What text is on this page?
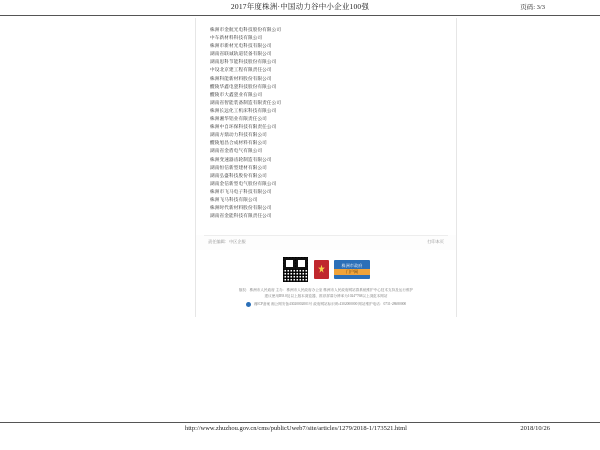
2017年度株洲·中国动力谷中小企业100强	页码: 3/3
株洲市金航光电科技股份有限公司
中车新材料科技有限公司
株洲市新材光电科技有限公司
湖南省联诚轨道装备有限公司
湖南思科节能科技股份有限公司
中设北京建工程有限责任公司
株洲科能新材料股份有限公司
醴陵华鑫电瓷科技股份有限公司
醴陵市大鑫瓷业有限公司
湖南省智能装备制造有限责任公司
株洲长远化工机床科技有限公司
株洲湘华铝业有限责任公司
株洲中自环保科技有限责任公司
湖南方鼎动力科技有限公司
醴陵旭昌合成材料有限公司
湖南省金盾电气有限公司
株洲变速器齿轮制造有限公司
湖南恒信新型建材有限公司
湖南弘盛科技股份有限公司
湖南金信新型电气股份有限公司
株洲市飞马电子科技有限公司
株洲飞马科技有限公司
株洲时代新材料股份有限公司
湖南省金能科技有限责任公司
责任编辑：中区企服	打印本页
株洲市政府
门户网
版权：株洲市人民政府 主办：株洲市人民政府办公室 株洲市人民政府网站群系统维护中心技术支持及运行维护
建议使用IE8.0及以上版本浏览器，推荐屏幕分辨率为1024*768以上浏览本网站
湘ICP备案 湘公网安备43020002001号 政府网站标识码:4302000000 网站维护电话：0731-28680000
http://www.zhuzhou.gov.cn/cms/publicUweb7/site/articles/1279/2018-1/173521.html	2018/10/26
